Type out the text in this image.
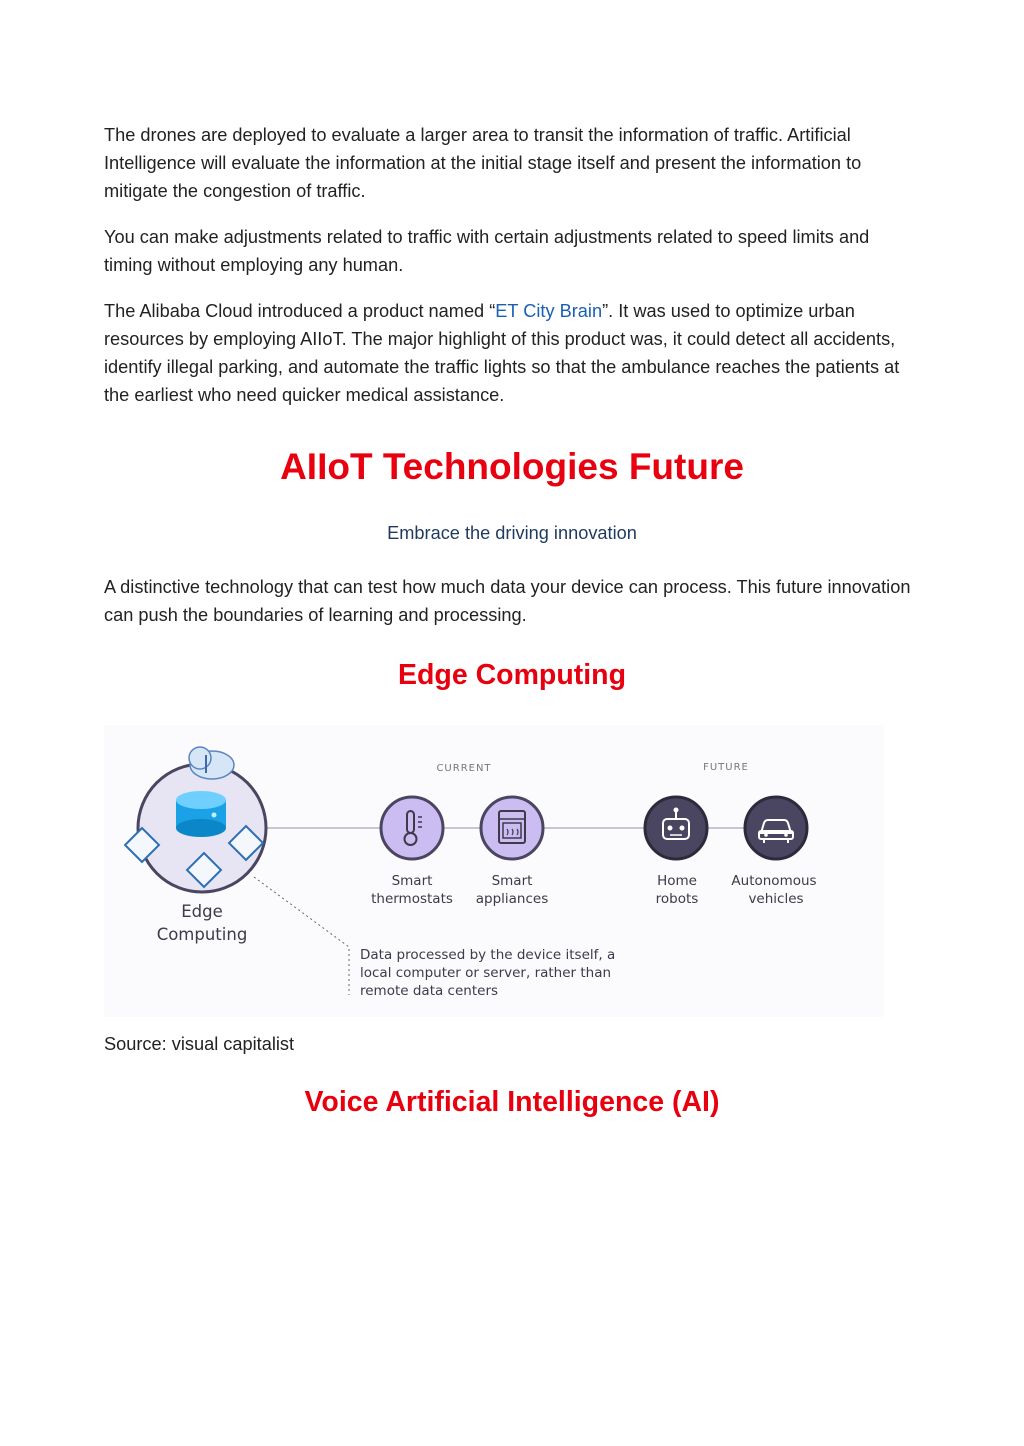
The drones are deployed to evaluate a larger area to transit the information of traffic. Artificial Intelligence will evaluate the information at the initial stage itself and present the information to mitigate the congestion of traffic.

You can make adjustments related to traffic with certain adjustments related to speed limits and timing without employing any human.

The Alibaba Cloud introduced a product named “ET City Brain”. It was used to optimize urban resources by employing AIIoT. The major highlight of this product was, it could detect all accidents, identify illegal parking, and automate the traffic lights so that the ambulance reaches the patients at the earliest who need quicker medical assistance.

AIIoT Technologies Future
Embrace the driving innovation

A distinctive technology that can test how much data your device can process. This future innovation can push the boundaries of learning and processing.

Edge Computing
Edge
Computing
CURRENT	FUTURE
Smart
thermostats
Smart
appliances
Home
robots
Autonomous
vehicles
Data processed by the device itself, a
local computer or server, rather than
remote data centers
Source: visual capitalist
Voice Artificial Intelligence (AI)
